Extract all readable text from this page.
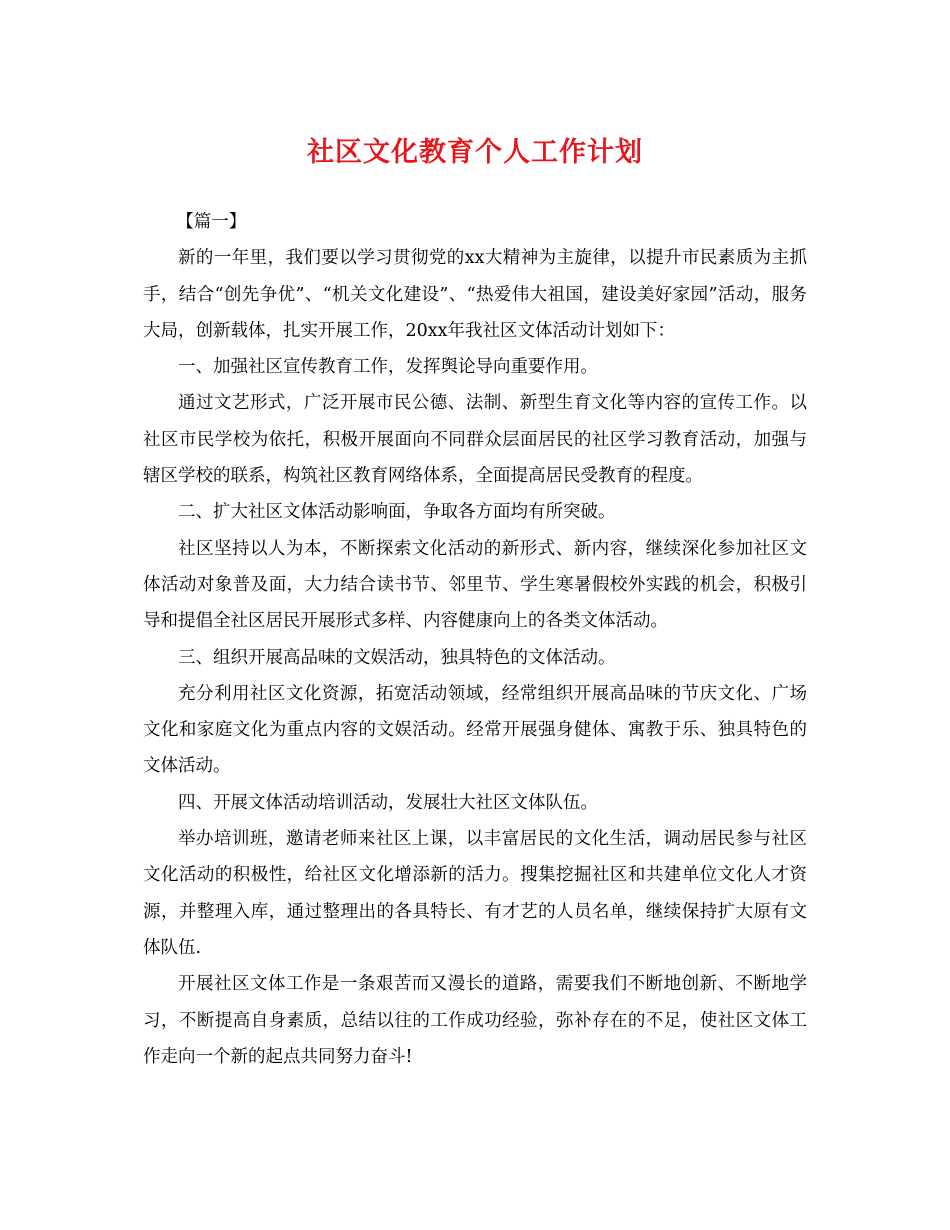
社区文化教育个人工作计划

【篇一】

新的一年里，我们要以学习贯彻党的xx大精神为主旋律，以提升市民素质为主抓手，结合“创先争优”、“机关文化建设”、“热爱伟大祖国，建设美好家园”活动，服务大局，创新载体，扎实开展工作，20xx年我社区文体活动计划如下：

一、加强社区宣传教育工作，发挥舆论导向重要作用。

通过文艺形式，广泛开展市民公德、法制、新型生育文化等内容的宣传工作。以社区市民学校为依托，积极开展面向不同群众层面居民的社区学习教育活动，加强与辖区学校的联系，构筑社区教育网络体系，全面提高居民受教育的程度。

二、扩大社区文体活动影响面，争取各方面均有所突破。

社区坚持以人为本，不断探索文化活动的新形式、新内容，继续深化参加社区文体活动对象普及面，大力结合读书节、邻里节、学生寒暑假校外实践的机会，积极引导和提倡全社区居民开展形式多样、内容健康向上的各类文体活动。

三、组织开展高品味的文娱活动，独具特色的文体活动。

充分利用社区文化资源，拓宽活动领域，经常组织开展高品味的节庆文化、广场文化和家庭文化为重点内容的文娱活动。经常开展强身健体、寓教于乐、独具特色的文体活动。

四、开展文体活动培训活动，发展壮大社区文体队伍。

举办培训班，邀请老师来社区上课，以丰富居民的文化生活，调动居民参与社区文化活动的积极性，给社区文化增添新的活力。搜集挖掘社区和共建单位文化人才资源，并整理入库，通过整理出的各具特长、有才艺的人员名单，继续保持扩大原有文体队伍.

开展社区文体工作是一条艰苦而又漫长的道路，需要我们不断地创新、不断地学习，不断提高自身素质，总结以往的工作成功经验，弥补存在的不足，使社区文体工作走向一个新的起点共同努力奋斗!
